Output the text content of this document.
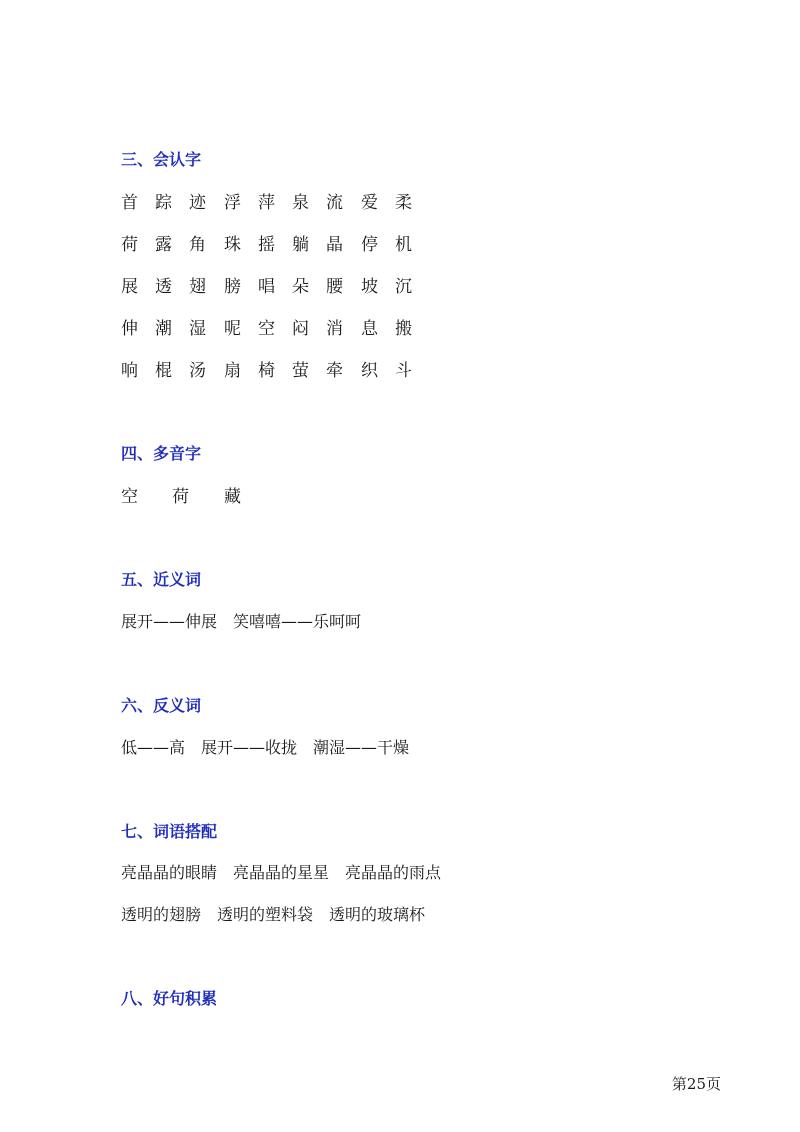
三、会认字
首 踪 迹 浮 萍 泉 流 爱 柔
荷 露 角 珠 摇 躺 晶 停 机
展 透 翅 膀 唱 朵 腰 坡 沉
伸 潮 湿 呢 空 闷 消 息 搬
响 棍 汤 扇 椅 萤 牵 织 斗
四、多音字
空 荷 藏
五、近义词
展开——伸展　笑嘻嘻——乐呵呵
六、反义词
低——高　展开——收拢　潮湿——干燥
七、词语搭配
亮晶晶的眼睛　亮晶晶的星星　亮晶晶的雨点
透明的翅膀　透明的塑料袋　透明的玻璃杯
八、好句积累
第25页
